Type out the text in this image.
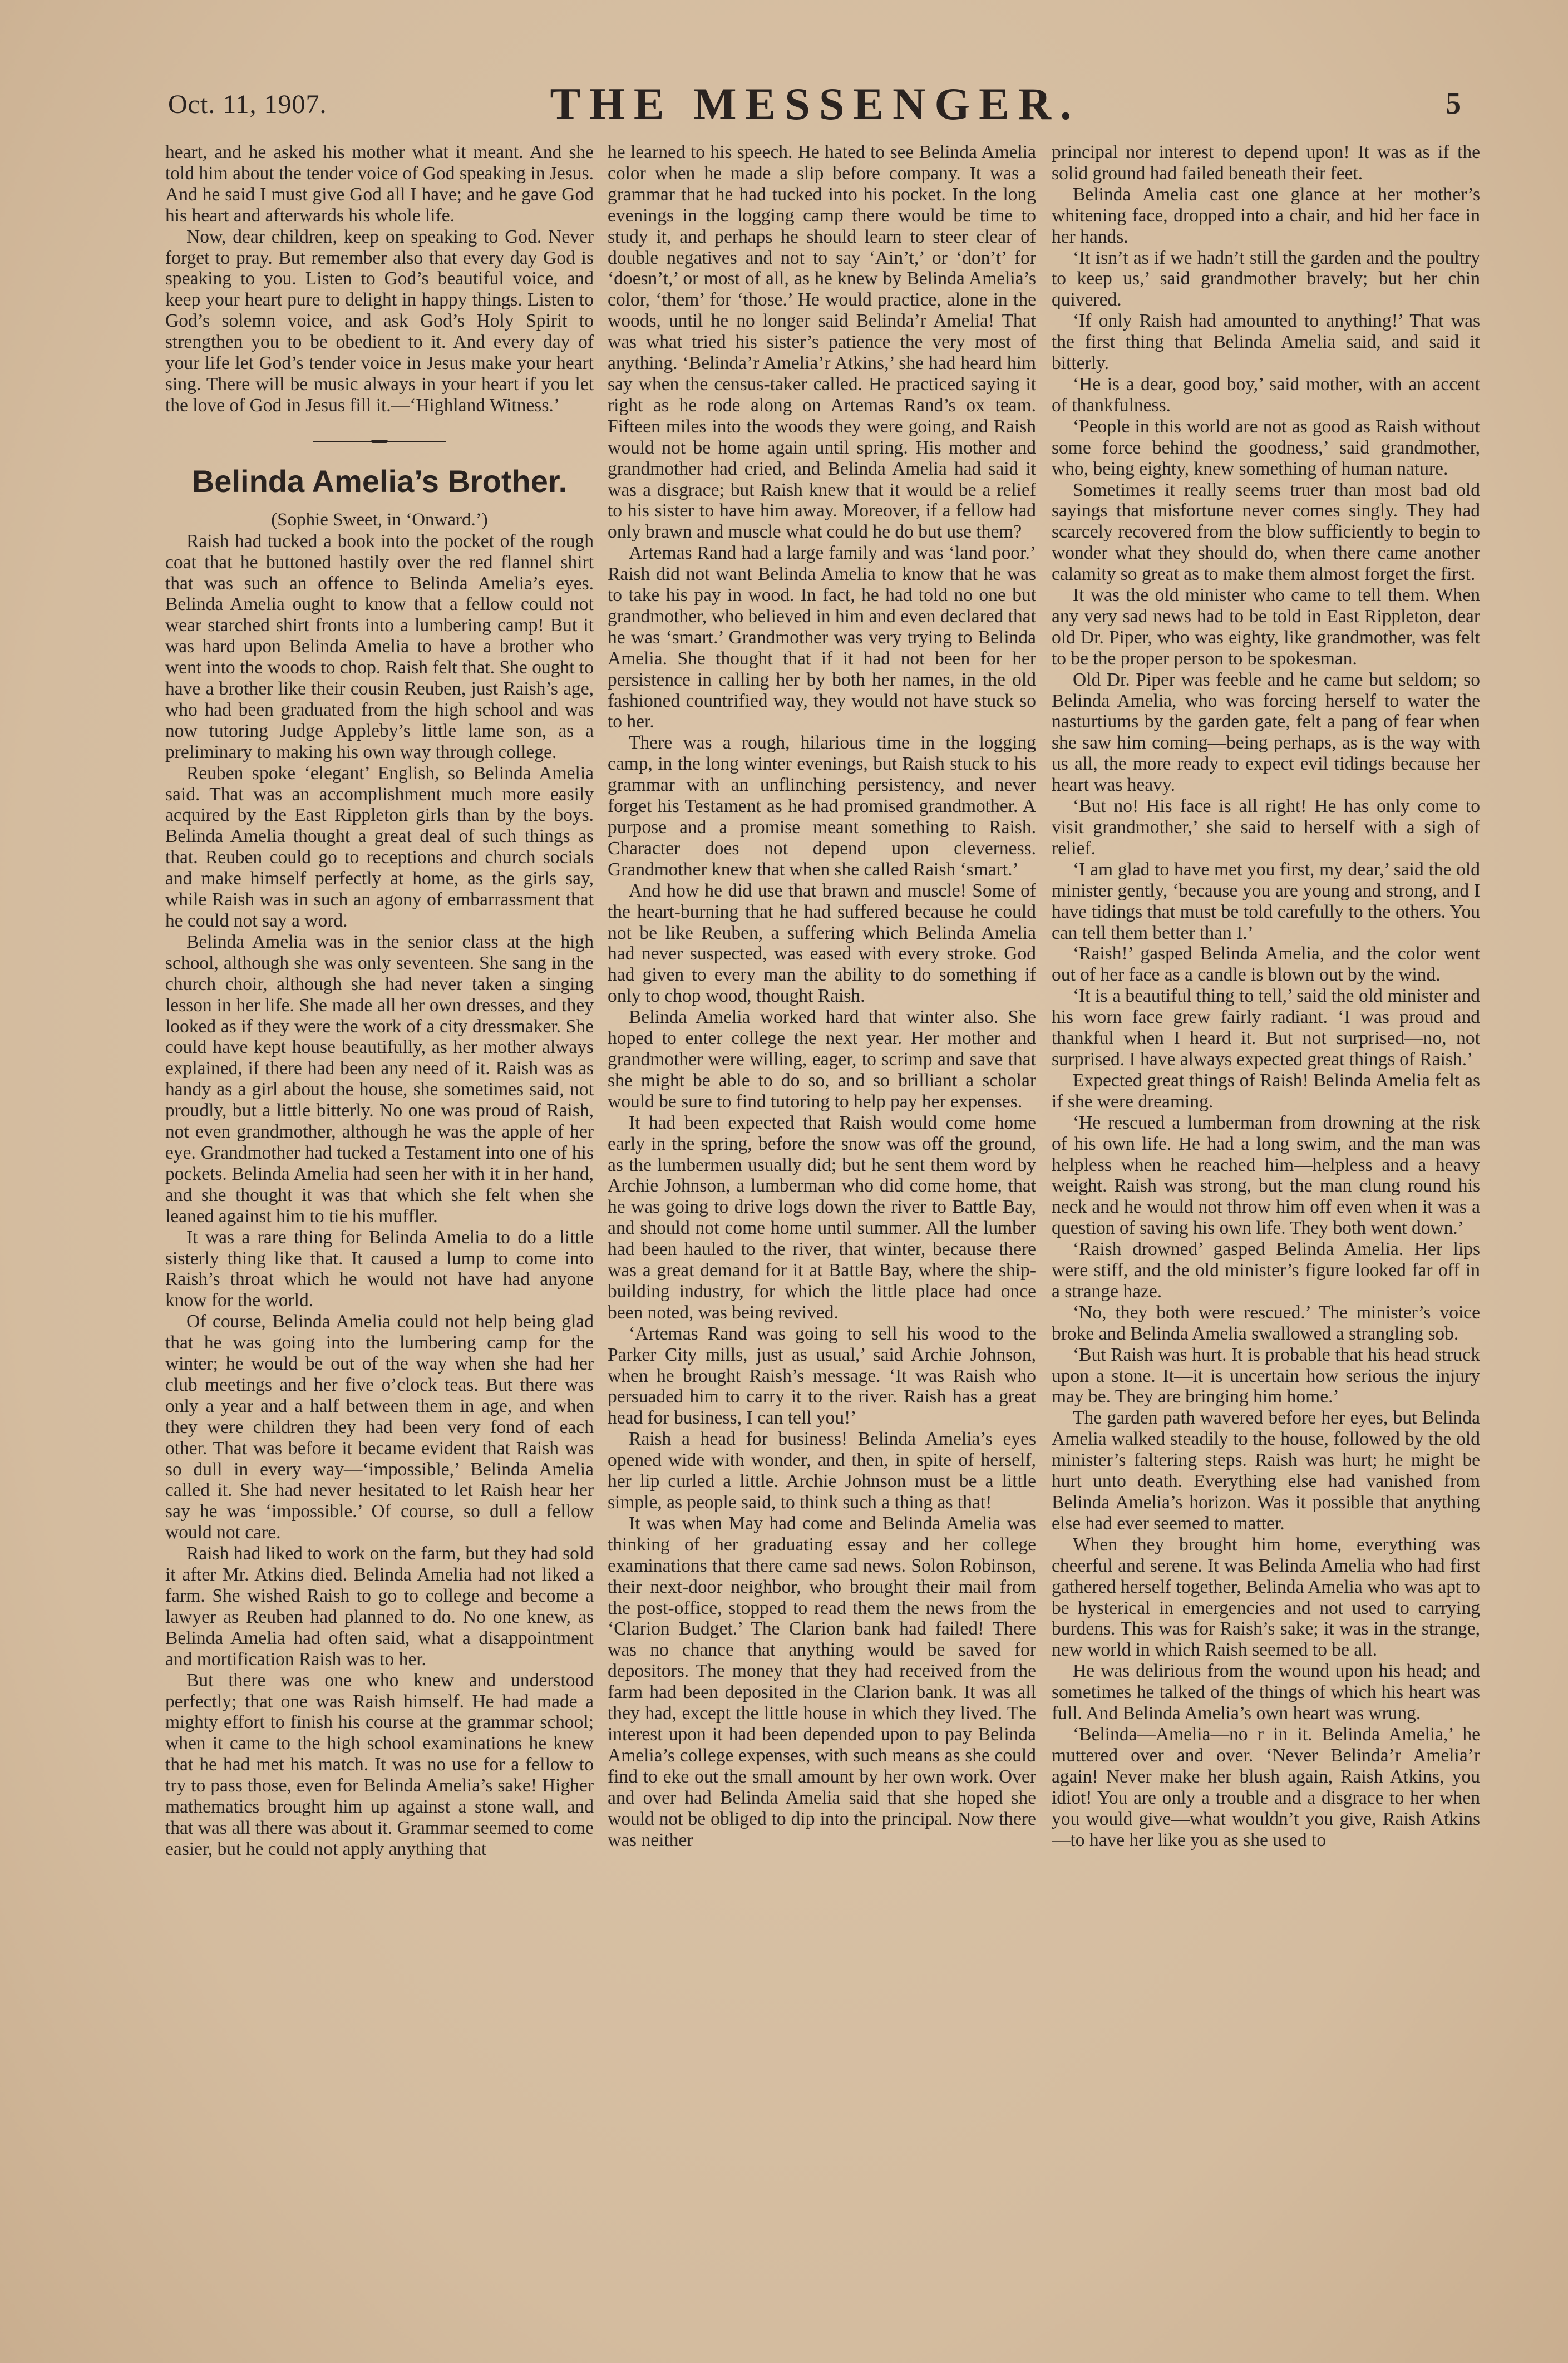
Oct. 11, 1907.	THE MESSENGER.	5

heart, and he asked his mother what it meant. And she told him about the tender voice of God speaking in Jesus. And he said I must give God all I have; and he gave God his heart and afterwards his whole life.

Now, dear children, keep on speaking to God. Never forget to pray. But remember also that every day God is speaking to you. Listen to God’s beautiful voice, and keep your heart pure to delight in happy things. Listen to God’s solemn voice, and ask God’s Holy Spirit to strengthen you to be obedient to it. And every day of your life let God’s tender voice in Jesus make your heart sing. There will be music always in your heart if you let the love of God in Jesus fill it.—‘Highland Witness.’

Belinda Amelia’s Brother.

(Sophie Sweet, in ‘Onward.’)

Raish had tucked a book into the pocket of the rough coat that he buttoned hastily over the red flannel shirt that was such an offence to Belinda Amelia’s eyes. Belinda Amelia ought to know that a fellow could not wear starched shirt fronts into a lumbering camp! But it was hard upon Belinda Amelia to have a brother who went into the woods to chop. Raish felt that. She ought to have a brother like their cousin Reuben, just Raish’s age, who had been graduated from the high school and was now tutoring Judge Appleby’s little lame son, as a preliminary to making his own way through college.

Reuben spoke ‘elegant’ English, so Belinda Amelia said. That was an accomplishment much more easily acquired by the East Rippleton girls than by the boys. Belinda Amelia thought a great deal of such things as that. Reuben could go to receptions and church socials and make himself perfectly at home, as the girls say, while Raish was in such an agony of embarrassment that he could not say a word.

Belinda Amelia was in the senior class at the high school, although she was only seventeen. She sang in the church choir, although she had never taken a singing lesson in her life. She made all her own dresses, and they looked as if they were the work of a city dressmaker. She could have kept house beautifully, as her mother always explained, if there had been any need of it. Raish was as handy as a girl about the house, she sometimes said, not proudly, but a little bitterly. No one was proud of Raish, not even grandmother, although he was the apple of her eye. Grandmother had tucked a Testament into one of his pockets. Belinda Amelia had seen her with it in her hand, and she thought it was that which she felt when she leaned against him to tie his muffler.

It was a rare thing for Belinda Amelia to do a little sisterly thing like that. It caused a lump to come into Raish’s throat which he would not have had anyone know for the world.

Of course, Belinda Amelia could not help being glad that he was going into the lumbering camp for the winter; he would be out of the way when she had her club meetings and her five o’clock teas. But there was only a year and a half between them in age, and when they were children they had been very fond of each other. That was before it became evident that Raish was so dull in every way—‘impossible,’ Belinda Amelia called it. She had never hesitated to let Raish hear her say he was ‘impossible.’ Of course, so dull a fellow would not care.

Raish had liked to work on the farm, but they had sold it after Mr. Atkins died. Belinda Amelia had not liked a farm. She wished Raish to go to college and become a lawyer as Reuben had planned to do. No one knew, as Belinda Amelia had often said, what a disappointment and mortification Raish was to her.

But there was one who knew and understood perfectly; that one was Raish himself. He had made a mighty effort to finish his course at the grammar school; when it came to the high school examinations he knew that he had met his match. It was no use for a fellow to try to pass those, even for Belinda Amelia’s sake! Higher mathematics brought him up against a stone wall, and that was all there was about it. Grammar seemed to come easier, but he could not apply anything that

he learned to his speech. He hated to see Belinda Amelia color when he made a slip before company. It was a grammar that he had tucked into his pocket. In the long evenings in the logging camp there would be time to study it, and perhaps he should learn to steer clear of double negatives and not to say ‘Ain’t,’ or ‘don’t’ for ‘doesn’t,’ or most of all, as he knew by Belinda Amelia’s color, ‘them’ for ‘those.’ He would practice, alone in the woods, until he no longer said Belinda’r Amelia! That was what tried his sister’s patience the very most of anything. ‘Belinda’r Amelia’r Atkins,’ she had heard him say when the census-taker called. He practiced saying it right as he rode along on Artemas Rand’s ox team. Fifteen miles into the woods they were going, and Raish would not be home again until spring. His mother and grandmother had cried, and Belinda Amelia had said it was a disgrace; but Raish knew that it would be a relief to his sister to have him away. Moreover, if a fellow had only brawn and muscle what could he do but use them?

Artemas Rand had a large family and was ‘land poor.’ Raish did not want Belinda Amelia to know that he was to take his pay in wood. In fact, he had told no one but grandmother, who believed in him and even declared that he was ‘smart.’ Grandmother was very trying to Belinda Amelia. She thought that if it had not been for her persistence in calling her by both her names, in the old fashioned countrified way, they would not have stuck so to her.

There was a rough, hilarious time in the logging camp, in the long winter evenings, but Raish stuck to his grammar with an unflinching persistency, and never forget his Testament as he had promised grandmother. A purpose and a promise meant something to Raish. Character does not depend upon cleverness. Grandmother knew that when she called Raish ‘smart.’

And how he did use that brawn and muscle! Some of the heart-burning that he had suffered because he could not be like Reuben, a suffering which Belinda Amelia had never suspected, was eased with every stroke. God had given to every man the ability to do something if only to chop wood, thought Raish.

Belinda Amelia worked hard that winter also. She hoped to enter college the next year. Her mother and grandmother were willing, eager, to scrimp and save that she might be able to do so, and so brilliant a scholar would be sure to find tutoring to help pay her expenses.

It had been expected that Raish would come home early in the spring, before the snow was off the ground, as the lumbermen usually did; but he sent them word by Archie Johnson, a lumberman who did come home, that he was going to drive logs down the river to Battle Bay, and should not come home until summer. All the lumber had been hauled to the river, that winter, because there was a great demand for it at Battle Bay, where the ship-building industry, for which the little place had once been noted, was being revived.

‘Artemas Rand was going to sell his wood to the Parker City mills, just as usual,’ said Archie Johnson, when he brought Raish’s message. ‘It was Raish who persuaded him to carry it to the river. Raish has a great head for business, I can tell you!’

Raish a head for business! Belinda Amelia’s eyes opened wide with wonder, and then, in spite of herself, her lip curled a little. Archie Johnson must be a little simple, as people said, to think such a thing as that!

It was when May had come and Belinda Amelia was thinking of her graduating essay and her college examinations that there came sad news. Solon Robinson, their next-door neighbor, who brought their mail from the post-office, stopped to read them the news from the ‘Clarion Budget.’ The Clarion bank had failed! There was no chance that anything would be saved for depositors. The money that they had received from the farm had been deposited in the Clarion bank. It was all they had, except the little house in which they lived. The interest upon it had been depended upon to pay Belinda Amelia’s college expenses, with such means as she could find to eke out the small amount by her own work. Over and over had Belinda Amelia said that she hoped she would not be obliged to dip into the principal. Now there was neither

principal nor interest to depend upon! It was as if the solid ground had failed beneath their feet.

Belinda Amelia cast one glance at her mother’s whitening face, dropped into a chair, and hid her face in her hands.

‘It isn’t as if we hadn’t still the garden and the poultry to keep us,’ said grandmother bravely; but her chin quivered.

‘If only Raish had amounted to anything!’ That was the first thing that Belinda Amelia said, and said it bitterly.

‘He is a dear, good boy,’ said mother, with an accent of thankfulness.

‘People in this world are not as good as Raish without some force behind the goodness,’ said grandmother, who, being eighty, knew something of human nature.

Sometimes it really seems truer than most bad old sayings that misfortune never comes singly. They had scarcely recovered from the blow sufficiently to begin to wonder what they should do, when there came another calamity so great as to make them almost forget the first.

It was the old minister who came to tell them. When any very sad news had to be told in East Rippleton, dear old Dr. Piper, who was eighty, like grandmother, was felt to be the proper person to be spokesman.

Old Dr. Piper was feeble and he came but seldom; so Belinda Amelia, who was forcing herself to water the nasturtiums by the garden gate, felt a pang of fear when she saw him coming—being perhaps, as is the way with us all, the more ready to expect evil tidings because her heart was heavy.

‘But no! His face is all right! He has only come to visit grandmother,’ she said to herself with a sigh of relief.

‘I am glad to have met you first, my dear,’ said the old minister gently, ‘because you are young and strong, and I have tidings that must be told carefully to the others. You can tell them better than I.’

‘Raish!’ gasped Belinda Amelia, and the color went out of her face as a candle is blown out by the wind.

‘It is a beautiful thing to tell,’ said the old minister and his worn face grew fairly radiant. ‘I was proud and thankful when I heard it. But not surprised—no, not surprised. I have always expected great things of Raish.’

Expected great things of Raish! Belinda Amelia felt as if she were dreaming.

‘He rescued a lumberman from drowning at the risk of his own life. He had a long swim, and the man was helpless when he reached him—helpless and a heavy weight. Raish was strong, but the man clung round his neck and he would not throw him off even when it was a question of saving his own life. They both went down.’

‘Raish drowned’ gasped Belinda Amelia. Her lips were stiff, and the old minister’s figure looked far off in a strange haze.

‘No, they both were rescued.’ The minister’s voice broke and Belinda Amelia swallowed a strangling sob.

‘But Raish was hurt. It is probable that his head struck upon a stone. It—it is uncertain how serious the injury may be. They are bringing him home.’

The garden path wavered before her eyes, but Belinda Amelia walked steadily to the house, followed by the old minister’s faltering steps. Raish was hurt; he might be hurt unto death. Everything else had vanished from Belinda Amelia’s horizon. Was it possible that anything else had ever seemed to matter.

When they brought him home, everything was cheerful and serene. It was Belinda Amelia who had first gathered herself together, Belinda Amelia who was apt to be hysterical in emergencies and not used to carrying burdens. This was for Raish’s sake; it was in the strange, new world in which Raish seemed to be all.

He was delirious from the wound upon his head; and sometimes he talked of the things of which his heart was full. And Belinda Amelia’s own heart was wrung.

‘Belinda—Amelia—no r in it. Belinda Amelia,’ he muttered over and over. ‘Never Belinda’r Amelia’r again! Never make her blush again, Raish Atkins, you idiot! You are only a trouble and a disgrace to her when you would give—what wouldn’t you give, Raish Atkins—to have her like you as she used to
